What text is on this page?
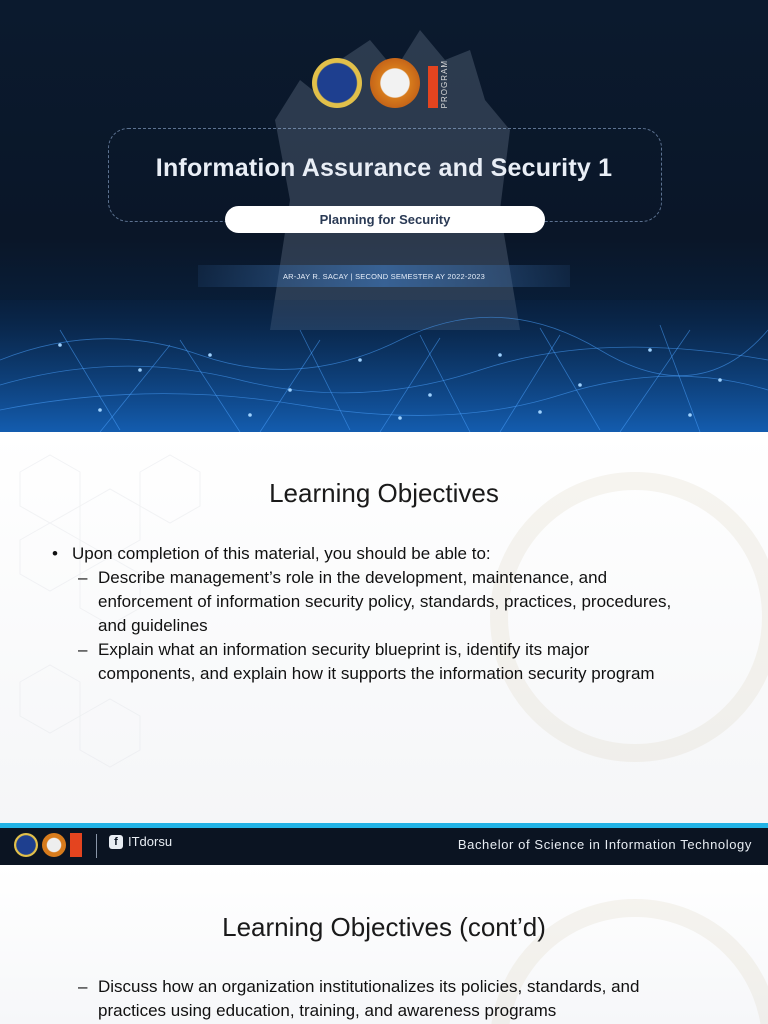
PROGRAM
Information Assurance and Security 1
Planning for Security
AR-JAY R. SACAY | SECOND SEMESTER AY 2022-2023
Learning Objectives
• Upon completion of this material, you should be able to:
– Describe management’s role in the development, maintenance, and enforcement of information security policy, standards, practices, procedures, and guidelines
– Explain what an information security blueprint is, identify its major components, and explain how it supports the information security program
f ITdorsu	Bachelor of Science in Information Technology
Learning Objectives (cont’d)
– Discuss how an organization institutionalizes its policies, standards, and practices using education, training, and awareness programs
